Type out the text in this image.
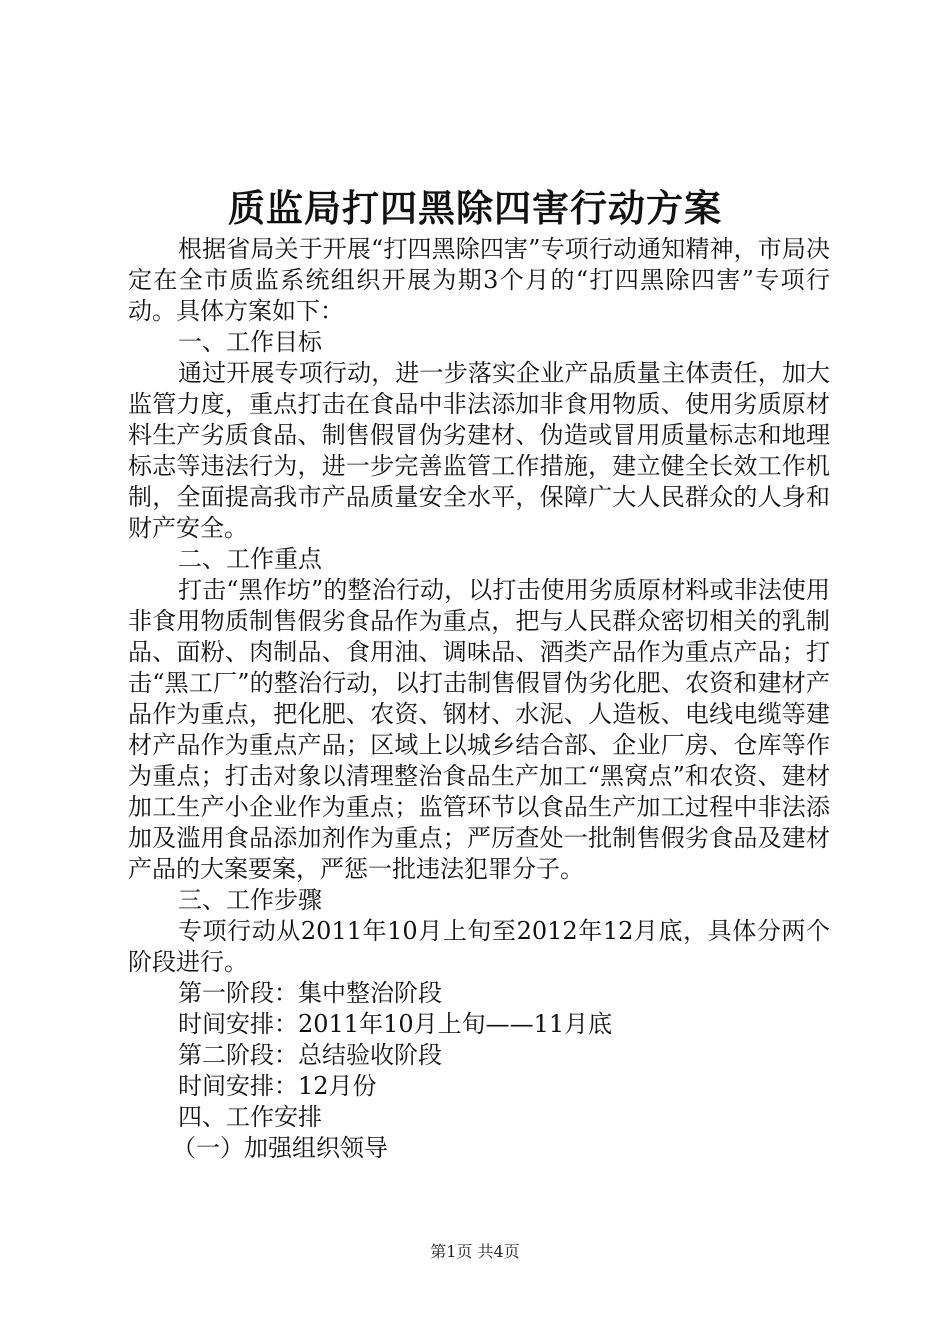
质监局打四黑除四害行动方案

根据省局关于开展“打四黑除四害”专项行动通知精神，市局决定在全市质监系统组织开展为期3个月的“打四黑除四害”专项行动。具体方案如下：

一、工作目标

通过开展专项行动，进一步落实企业产品质量主体责任，加大监管力度，重点打击在食品中非法添加非食用物质、使用劣质原材料生产劣质食品、制售假冒伪劣建材、伪造或冒用质量标志和地理标志等违法行为，进一步完善监管工作措施，建立健全长效工作机制，全面提高我市产品质量安全水平，保障广大人民群众的人身和财产安全。

二、工作重点

打击“黑作坊”的整治行动，以打击使用劣质原材料或非法使用非食用物质制售假劣食品作为重点，把与人民群众密切相关的乳制品、面粉、肉制品、食用油、调味品、酒类产品作为重点产品；打击“黑工厂”的整治行动，以打击制售假冒伪劣化肥、农资和建材产品作为重点，把化肥、农资、钢材、水泥、人造板、电线电缆等建材产品作为重点产品；区域上以城乡结合部、企业厂房、仓库等作为重点；打击对象以清理整治食品生产加工“黑窝点”和农资、建材加工生产小企业作为重点；监管环节以食品生产加工过程中非法添加及滥用食品添加剂作为重点；严厉查处一批制售假劣食品及建材产品的大案要案，严惩一批违法犯罪分子。

三、工作步骤

专项行动从2011年10月上旬至2012年12月底，具体分两个阶段进行。

第一阶段：集中整治阶段

时间安排：2011年10月上旬——11月底

第二阶段：总结验收阶段

时间安排：12月份

四、工作安排

（一）加强组织领导

第1页 共4页
